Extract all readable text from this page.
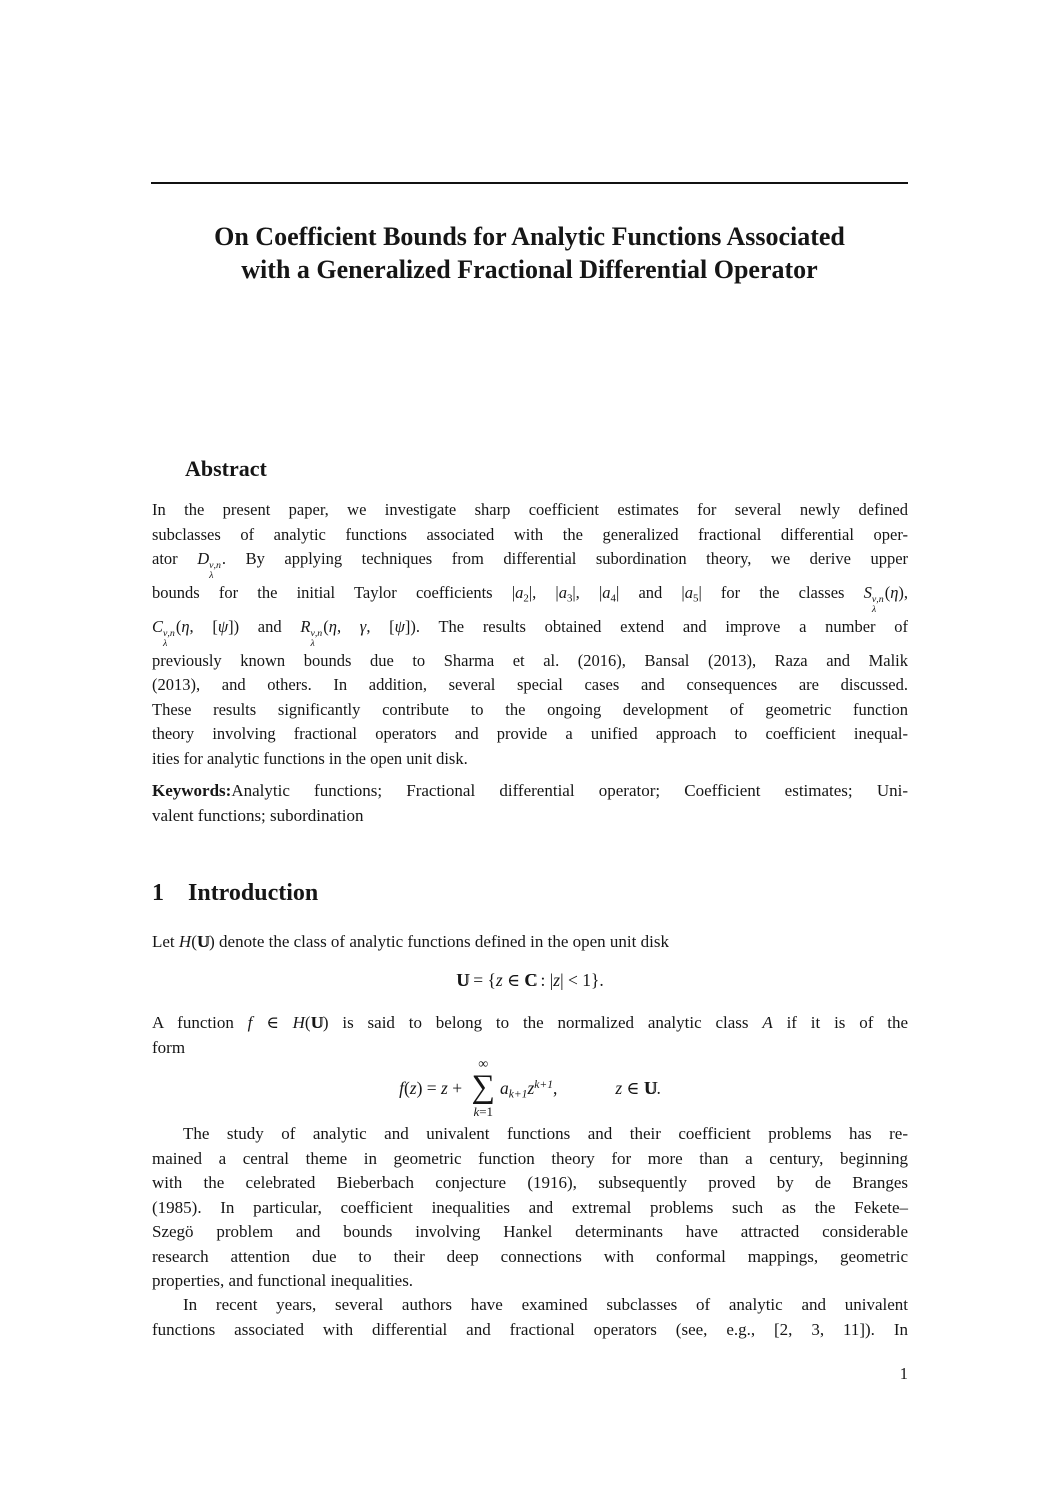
On Coefficient Bounds for Analytic Functions Associated
with a Generalized Fractional Differential Operator
Abstract
In the present paper, we investigate sharp coefficient estimates for several newly defined
subclasses of analytic functions associated with the generalized fractional differential oper-
ator D ν,n
λ
. By applying techniques from differential subordination theory, we derive upper
bounds for the initial Taylor coefficients $|a_2|$, $|a_3|$, $|a_4|$ and $|a_5|$ for the classes S ν,n
λ
(η),
C ν,n
λ
(η, [ψ]) and R ν,n
λ
(η, γ, [ψ]). The results obtained extend and improve a number of
previously known bounds due to Sharma et al. (2016), Bansal (2013), Raza and Malik
(2013), and others. In addition, several special cases and consequences are discussed.
These results significantly contribute to the ongoing development of geometric function
theory involving fractional operators and provide a unified approach to coefficient inequal-
ities for analytic functions in the open unit disk.
Keywords:Analytic functions; Fractional differential operator; Coefficient estimates; Uni-
valent functions; subordination
1 Introduction
Let H(U U) denote the class of analytic functions defined in the open unit disk
U U = {z ∈ C C : |z| < 1}.
A function f ∈ H(U U) is said to belong to the normalized analytic class A if it is of the
form
f(z) = z +
∞
∑
k=1
$a_{k+1}z^{k+1}$,	z ∈ U U.
The study of analytic and univalent functions and their coefficient problems has re-
mained a central theme in geometric function theory for more than a century, beginning
with the celebrated Bieberbach conjecture (1916), subsequently proved by de Branges
(1985). In particular, coefficient inequalities and extremal problems such as the Fekete–
Szegö problem and bounds involving Hankel determinants have attracted considerable
research attention due to their deep connections with conformal mappings, geometric
properties, and functional inequalities.
In recent years, several authors have examined subclasses of analytic and univalent
functions associated with differential and fractional operators (see, e.g., [2, 3, 11]). In
1
